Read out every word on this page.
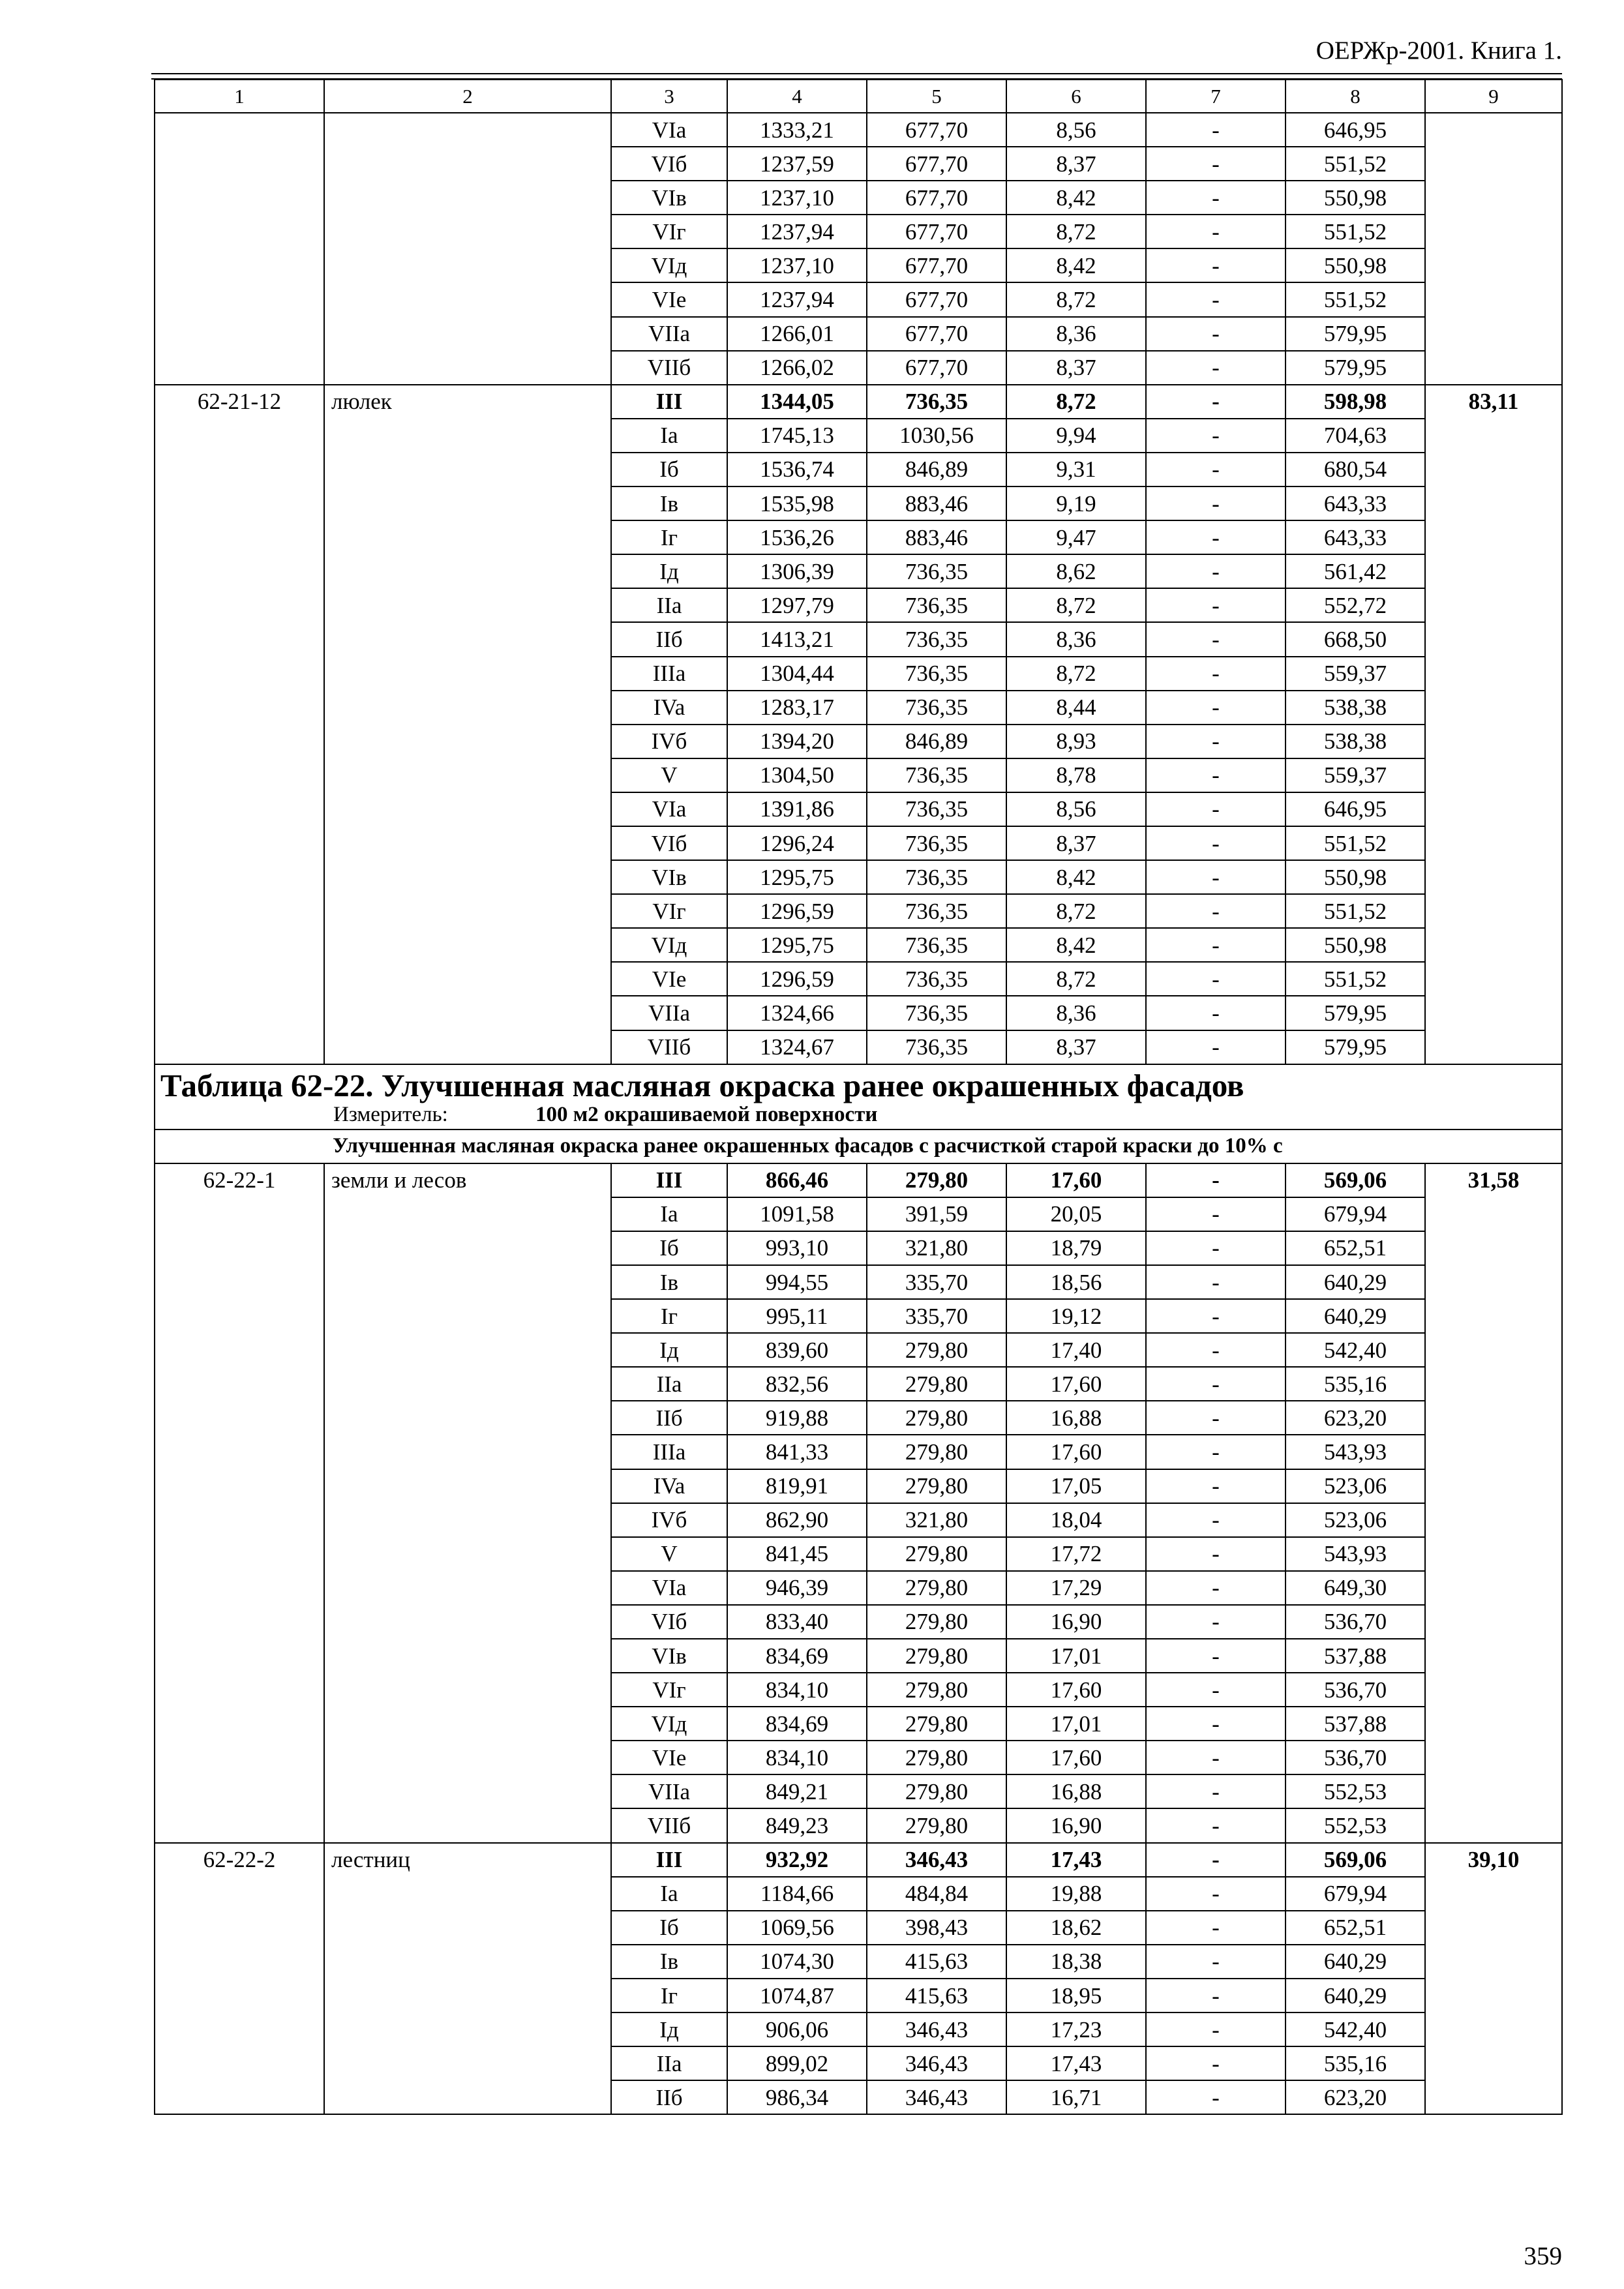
ОЕРЖр-2001. Книга 1.
1	2	3	4	5	6	7	8	9
		VIa	1333,21	677,70	8,56	-	646,95	
		VIб	1237,59	677,70	8,37	-	551,52	
		VIв	1237,10	677,70	8,42	-	550,98	
		VIг	1237,94	677,70	8,72	-	551,52	
		VIд	1237,10	677,70	8,42	-	550,98	
		VIe	1237,94	677,70	8,72	-	551,52	
		VIIa	1266,01	677,70	8,36	-	579,95	
		VIIб	1266,02	677,70	8,37	-	579,95	
62-21-12	люлек	III	1344,05	736,35	8,72	-	598,98	83,11
		Ia	1745,13	1030,56	9,94	-	704,63	
		Iб	1536,74	846,89	9,31	-	680,54	
		Iв	1535,98	883,46	9,19	-	643,33	
		Iг	1536,26	883,46	9,47	-	643,33	
		Iд	1306,39	736,35	8,62	-	561,42	
		IIa	1297,79	736,35	8,72	-	552,72	
		IIб	1413,21	736,35	8,36	-	668,50	
		IIIa	1304,44	736,35	8,72	-	559,37	
		IVa	1283,17	736,35	8,44	-	538,38	
		IVб	1394,20	846,89	8,93	-	538,38	
		V	1304,50	736,35	8,78	-	559,37	
		VIa	1391,86	736,35	8,56	-	646,95	
		VIб	1296,24	736,35	8,37	-	551,52	
		VIв	1295,75	736,35	8,42	-	550,98	
		VIг	1296,59	736,35	8,72	-	551,52	
		VIд	1295,75	736,35	8,42	-	550,98	
		VIe	1296,59	736,35	8,72	-	551,52	
		VIIa	1324,66	736,35	8,36	-	579,95	
		VIIб	1324,67	736,35	8,37	-	579,95	

Таблица 62-22. Улучшенная масляная окраска ранее окрашенных фасадов
Измеритель: 100 м2 окрашиваемой поверхности								

Улучшенная масляная окраска ранее окрашенных фасадов с расчисткой старой краски до 10% с								
62-22-1	земли и лесов	III	866,46	279,80	17,60	-	569,06	31,58
		Ia	1091,58	391,59	20,05	-	679,94	
		Iб	993,10	321,80	18,79	-	652,51	
		Iв	994,55	335,70	18,56	-	640,29	
		Iг	995,11	335,70	19,12	-	640,29	
		Iд	839,60	279,80	17,40	-	542,40	
		IIa	832,56	279,80	17,60	-	535,16	
		IIб	919,88	279,80	16,88	-	623,20	
		IIIa	841,33	279,80	17,60	-	543,93	
		IVa	819,91	279,80	17,05	-	523,06	
		IVб	862,90	321,80	18,04	-	523,06	
		V	841,45	279,80	17,72	-	543,93	
		VIa	946,39	279,80	17,29	-	649,30	
		VIб	833,40	279,80	16,90	-	536,70	
		VIв	834,69	279,80	17,01	-	537,88	
		VIг	834,10	279,80	17,60	-	536,70	
		VIд	834,69	279,80	17,01	-	537,88	
		VIe	834,10	279,80	17,60	-	536,70	
		VIIa	849,21	279,80	16,88	-	552,53	
		VIIб	849,23	279,80	16,90	-	552,53	
62-22-2	лестниц	III	932,92	346,43	17,43	-	569,06	39,10
		Ia	1184,66	484,84	19,88	-	679,94	
		Iб	1069,56	398,43	18,62	-	652,51	
		Iв	1074,30	415,63	18,38	-	640,29	
		Iг	1074,87	415,63	18,95	-	640,29	
		Iд	906,06	346,43	17,23	-	542,40	
		IIa	899,02	346,43	17,43	-	535,16	
		IIб	986,34	346,43	16,71	-	623,20	
359
